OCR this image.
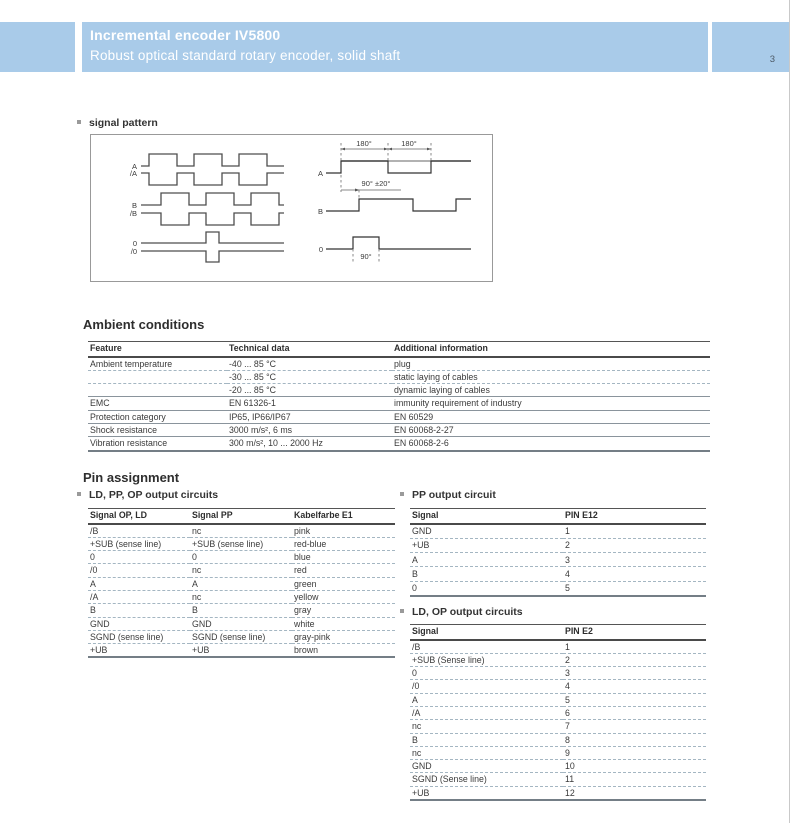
Incremental encoder IV5800
Robust optical standard rotary encoder, solid shaft	3
signal pattern
A
/A
B
/B
0
/0
A
180°	180°
90° ±20°
B
0
90°
Ambient conditions
Feature	Technical data	Additional information
Ambient temperature	-40 ... 85 °C	plug
	-30 ... 85 °C	static laying of cables
	-20 ... 85 °C	dynamic laying of cables
EMC	EN 61326-1	immunity requirement of industry
Protection category	IP65, IP66/IP67	EN 60529
Shock resistance	3000 m/s², 6 ms	EN 60068-2-27
Vibration resistance	300 m/s², 10 ... 2000 Hz	EN 60068-2-6
Pin assignment
LD, PP, OP output circuits
Signal OP, LD	Signal PP	Kabelfarbe E1
/B	nc	pink
+SUB (sense line)	+SUB (sense line)	red-blue
0	0	blue
/0	nc	red
A	A	green
/A	nc	yellow
B	B	gray
GND	GND	white
SGND (sense line)	SGND (sense line)	gray-pink
+UB	+UB	brown
PP output circuit
Signal	PIN E12
GND	1
+UB	2
A	3
B	4
0	5
LD, OP output circuits
Signal	PIN E2
/B	1
+SUB (Sense line)	2
0	3
/0	4
A	5
/A	6
nc	7
B	8
nc	9
GND	10
SGND (Sense line)	11
+UB	12
